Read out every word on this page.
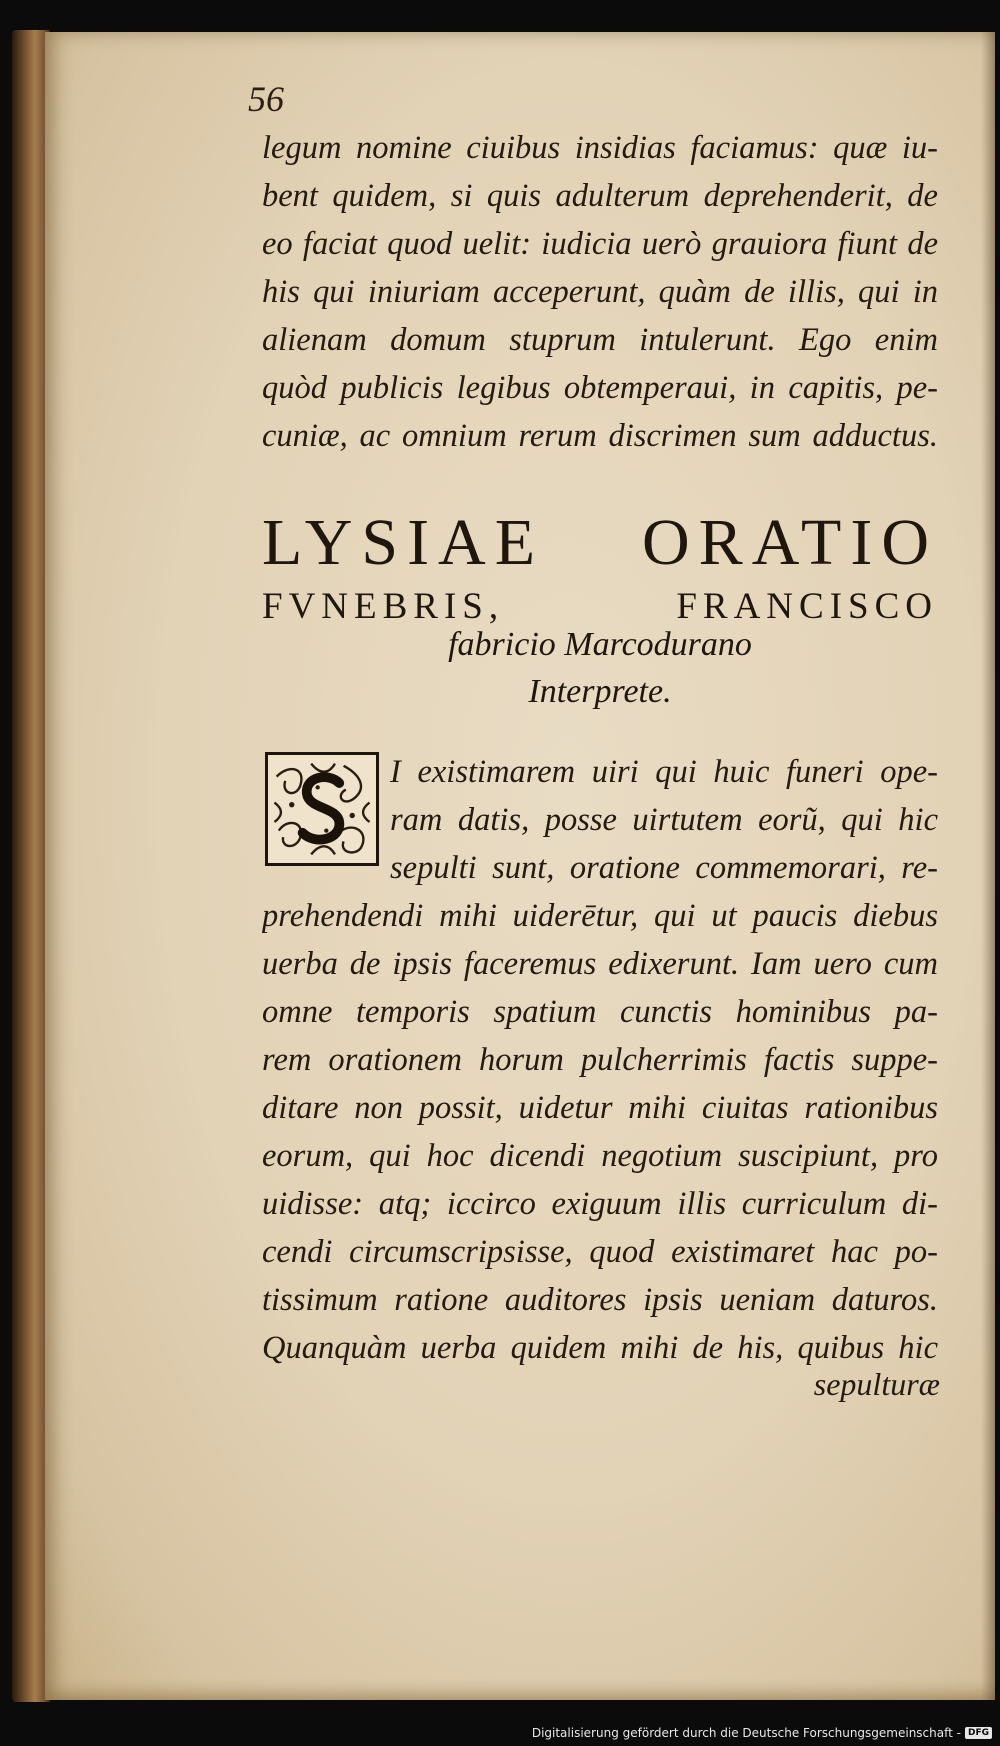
56
legum nomine ciuibus insidias faciamus: quæ iu-
bent quidem, si quis adulterum deprehenderit, de
eo faciat quod uelit: iudicia uerò grauiora fiunt de
his qui iniuriam acceperunt, quàm de illis, qui in
alienam domum stuprum intulerunt. Ego enim
quòd publicis legibus obtemperaui, in capitis, pe-
cuniæ, ac omnium rerum discrimen sum adductus.
LYSIAE ORATIO
FVNEBRIS, FRANCISCO
fabricio Marcodurano
Interprete.
I existimarem uiri qui huic funeri ope-
ram datis, posse uirtutem eorũ, qui hic
sepulti sunt, oratione commemorari, re-
prehendendi mihi uiderētur, qui ut paucis diebus
uerba de ipsis faceremus edixerunt. Iam uero cum
omne temporis spatium cunctis hominibus pa-
rem orationem horum pulcherrimis factis suppe-
ditare non possit, uidetur mihi ciuitas rationibus
eorum, qui hoc dicendi negotium suscipiunt, pro
uidisse: atq; iccirco exiguum illis curriculum di-
cendi circumscripsisse, quod existimaret hac po-
tissimum ratione auditores ipsis ueniam daturos.
Quanquàm uerba quidem mihi de his, quibus hic
sepulturæ
Digitalisierung gefördert durch die Deutsche Forschungsgemeinschaft - DFG
